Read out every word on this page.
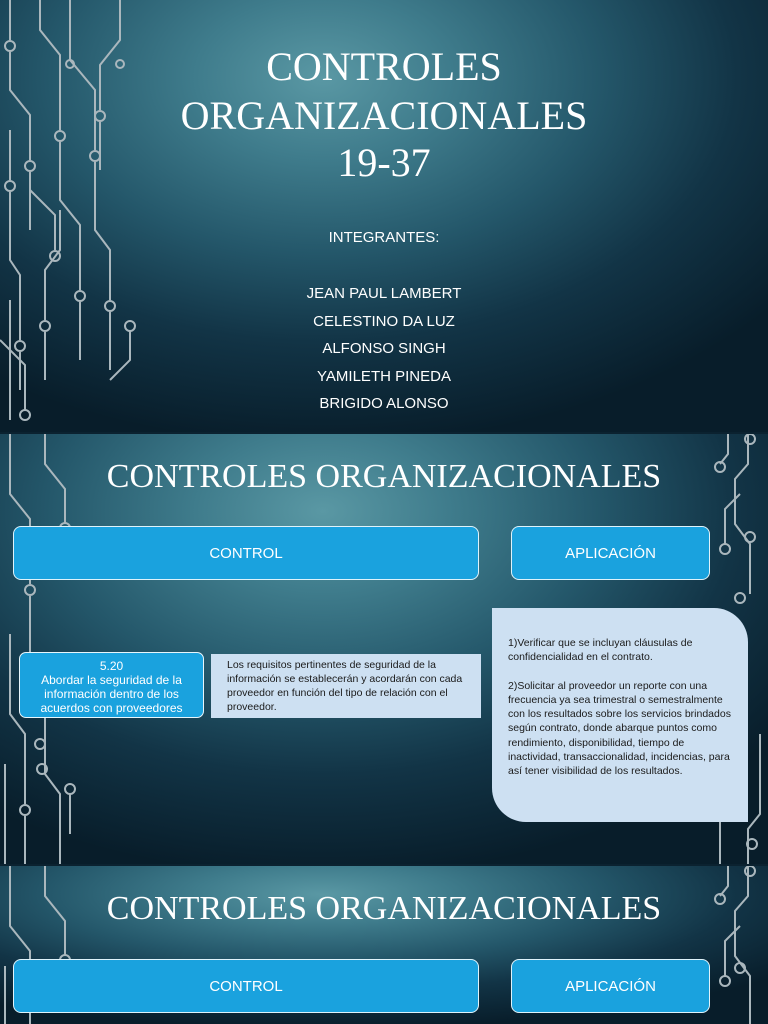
CONTROLES
ORGANIZACIONALES
19-37
INTEGRANTES:
JEAN PAUL LAMBERT
CELESTINO DA LUZ
ALFONSO SINGH
YAMILETH PINEDA
BRIGIDO ALONSO
CONTROLES ORGANIZACIONALES
CONTROL	APLICACIÓN
5.20
Abordar la seguridad de la información dentro de los acuerdos con proveedores
Los requisitos pertinentes de seguridad de la información se establecerán y acordarán con cada proveedor en función del tipo de relación con el proveedor.

1)Verificar que se incluyan cláusulas de confidencialidad en el contrato.

2)Solicitar al proveedor un reporte con una frecuencia ya sea trimestral o semestralmente con los resultados sobre los servicios brindados según contrato, donde abarque puntos como rendimiento, disponibilidad, tiempo de inactividad, transaccionalidad, incidencias, para así tener visibilidad de los resultados.

CONTROLES ORGANIZACIONALES
CONTROL	APLICACIÓN
